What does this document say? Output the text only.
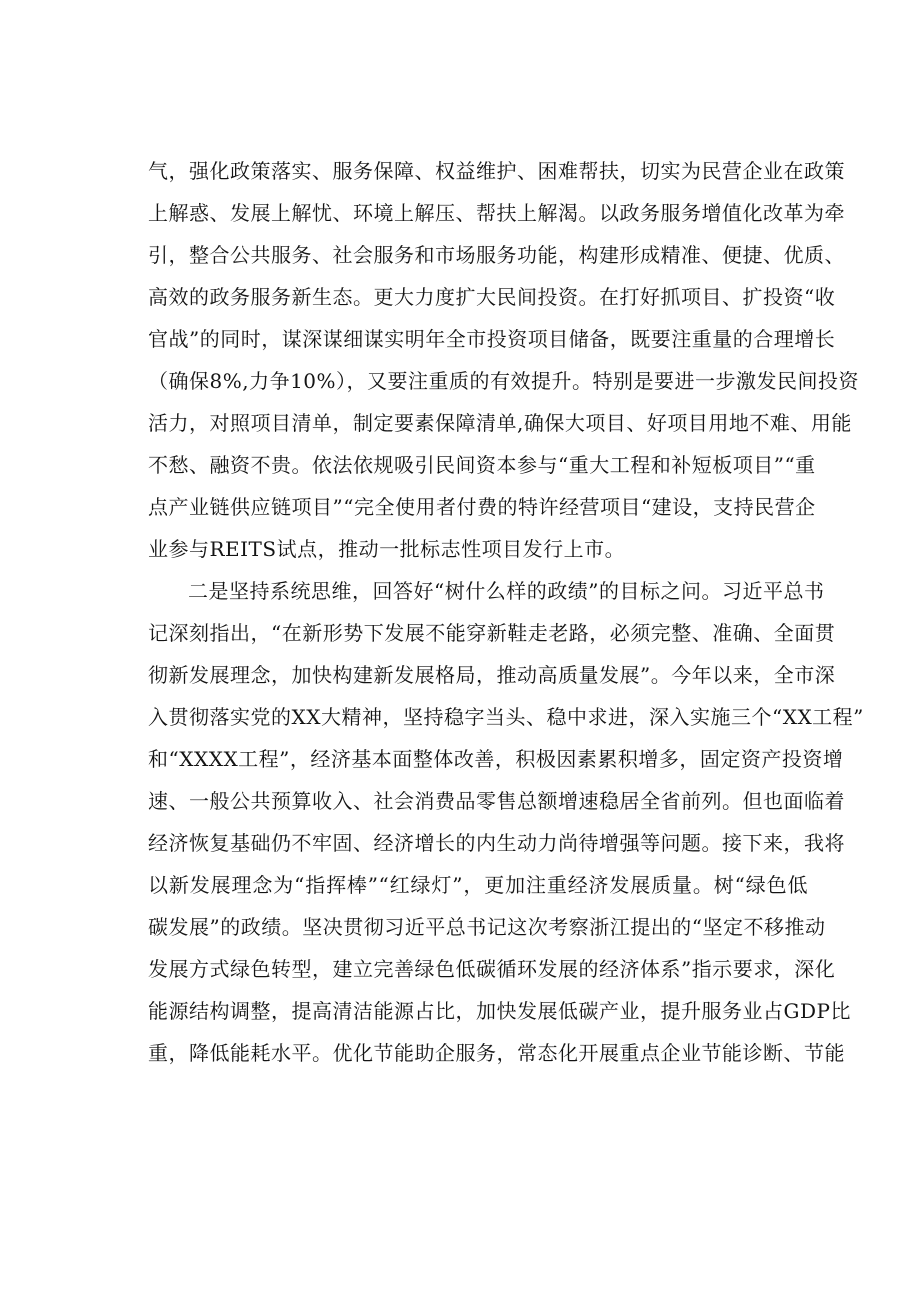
气，强化政策落实、服务保障、权益维护、困难帮扶，切实为民营企业在政策
上解惑、发展上解忧、环境上解压、帮扶上解渴。以政务服务增值化改革为牵
引，整合公共服务、社会服务和市场服务功能，构建形成精准、便捷、优质、
高效的政务服务新生态。更大力度扩大民间投资。在打好抓项目、扩投资“收
官战”的同时，谋深谋细谋实明年全市投资项目储备，既要注重量的合理增长
（确保8%,力争10%），又要注重质的有效提升。特别是要进一步激发民间投资
活力，对照项目清单，制定要素保障清单,确保大项目、好项目用地不难、用能
不愁、融资不贵。依法依规吸引民间资本参与“重大工程和补短板项目”“重
点产业链供应链项目”“完全使用者付费的特许经营项目“建设，支持民营企
业参与REITS试点，推动一批标志性项目发行上市。
二是坚持系统思维，回答好“树什么样的政绩”的目标之问。习近平总书
记深刻指出，“在新形势下发展不能穿新鞋走老路，必须完整、准确、全面贯
彻新发展理念，加快构建新发展格局，推动高质量发展”。今年以来，全市深
入贯彻落实党的XX大精神，坚持稳字当头、稳中求进，深入实施三个“XX工程”
和“XXXX工程”，经济基本面整体改善，积极因素累积增多，固定资产投资增
速、一般公共预算收入、社会消费品零售总额增速稳居全省前列。但也面临着
经济恢复基础仍不牢固、经济增长的内生动力尚待增强等问题。接下来，我将
以新发展理念为“指挥棒”“红绿灯”，更加注重经济发展质量。树“绿色低
碳发展”的政绩。坚决贯彻习近平总书记这次考察浙江提出的“坚定不移推动
发展方式绿色转型，建立完善绿色低碳循环发展的经济体系”指示要求，深化
能源结构调整，提高清洁能源占比，加快发展低碳产业，提升服务业占GDP比
重，降低能耗水平。优化节能助企服务，常态化开展重点企业节能诊断、节能
